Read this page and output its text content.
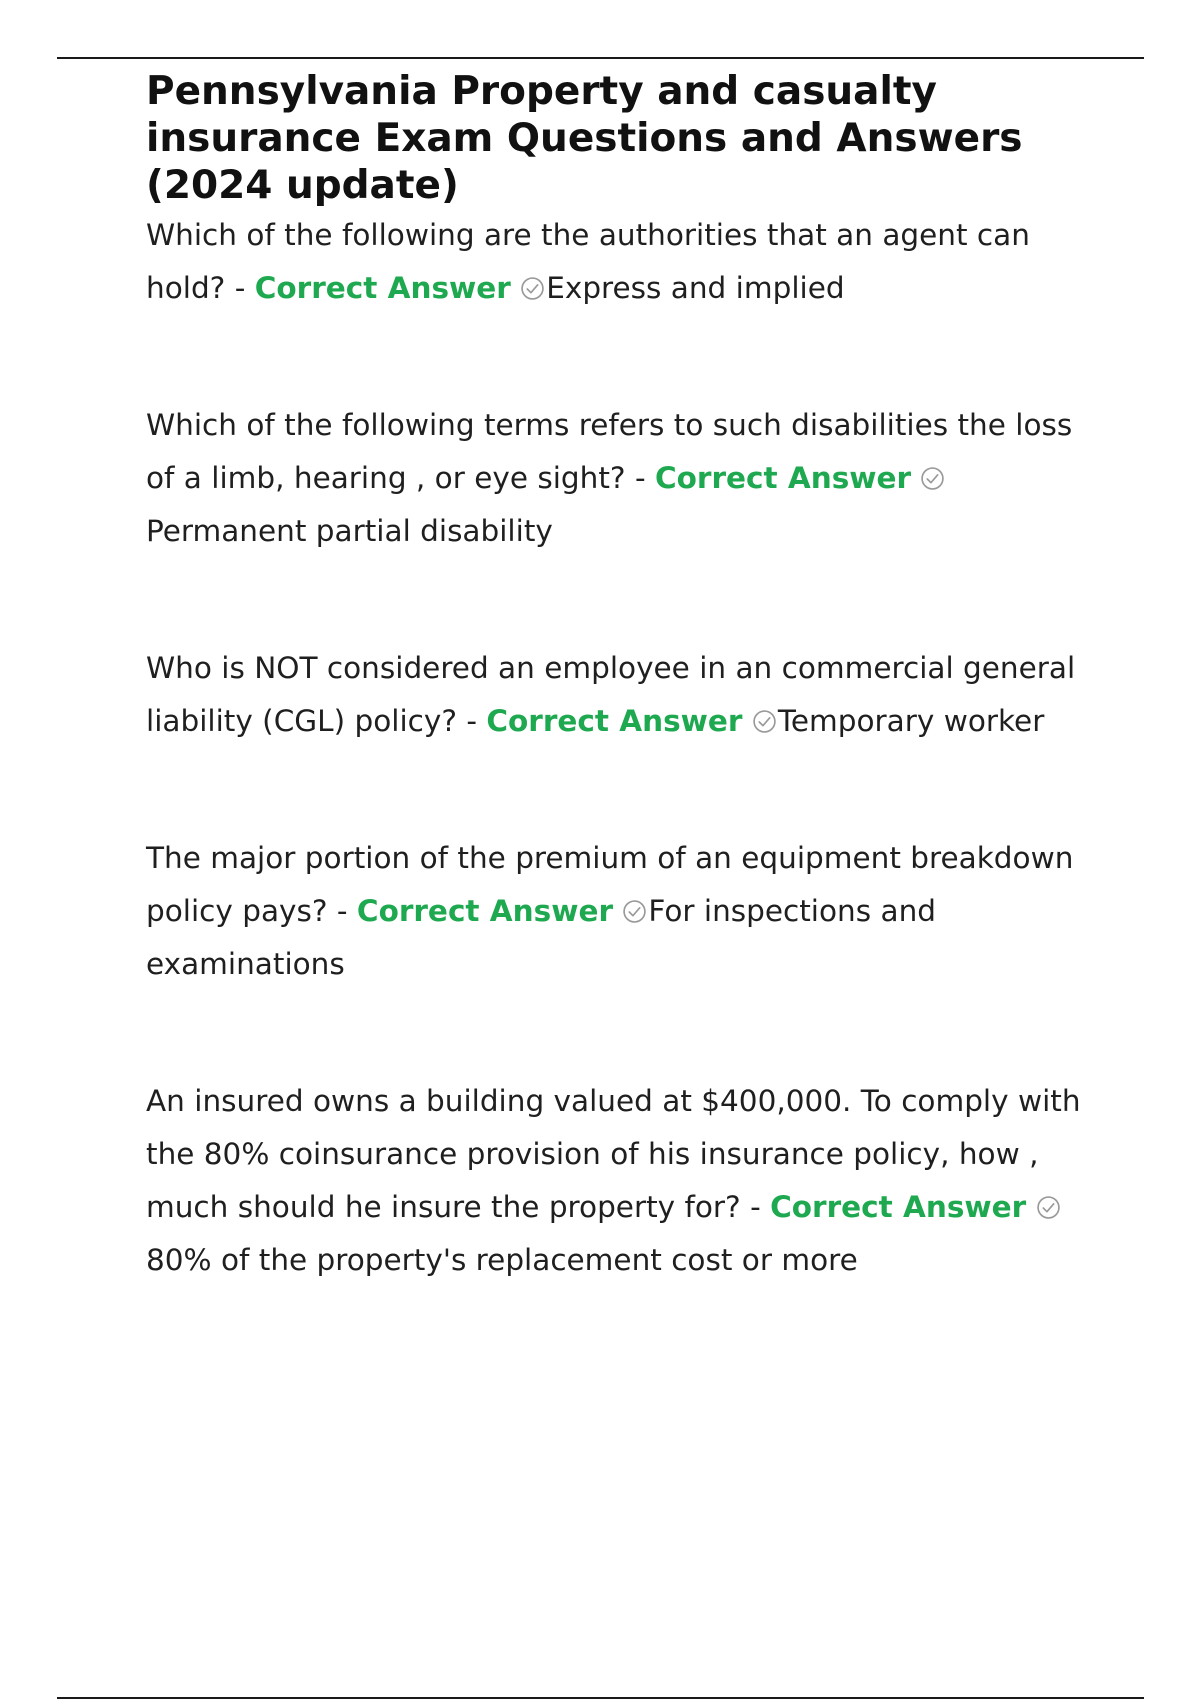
Pennsylvania Property and casualty insurance Exam Questions and Answers (2024 update)

Which of the following are the authorities that an agent can hold? - Correct Answer Express and implied

Which of the following terms refers to such disabilities the loss of a limb, hearing , or eye sight? - Correct Answer
Permanent partial disability

Who is NOT considered an employee in an commercial general liability (CGL) policy? - Correct Answer Temporary worker

The major portion of the premium of an equipment breakdown policy pays? - Correct Answer For inspections and examinations

An insured owns a building valued at $400,000. To comply with the 80% coinsurance provision of his insurance policy, how , much should he insure the property for? - Correct Answer
80% of the property's replacement cost or more
